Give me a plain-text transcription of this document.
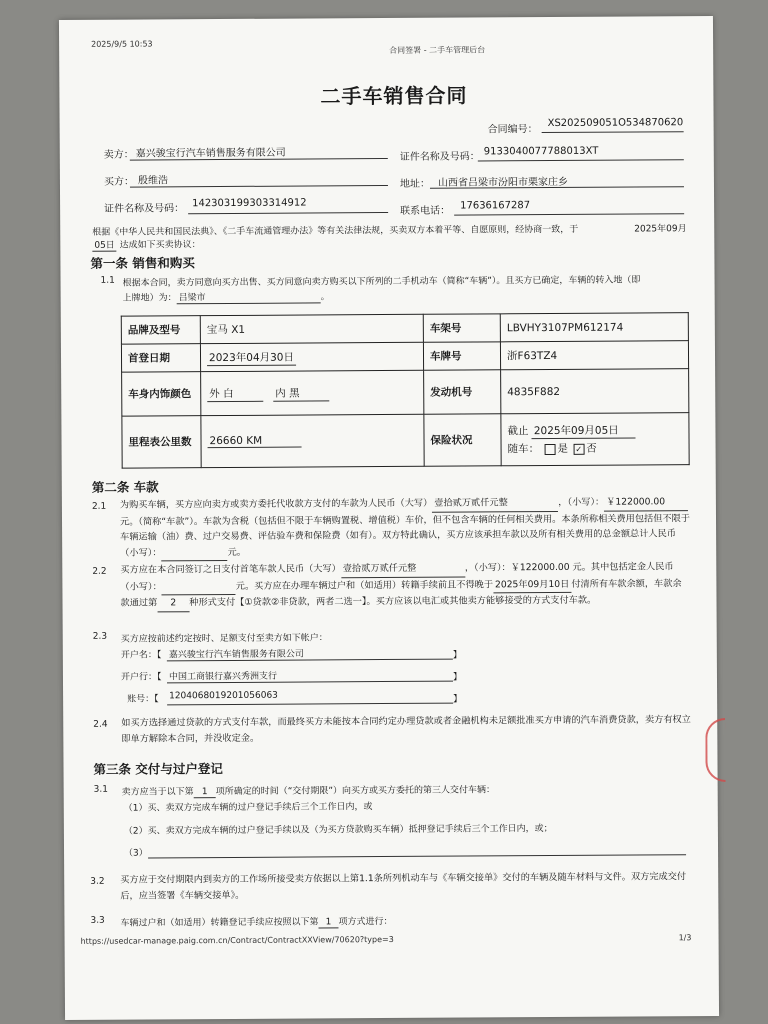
2025/9/5 10:53
合同签署 - 二手车管理后台
二手车销售合同
合同编号：
XS202509051O534870620
卖方： 嘉兴骏宝行汽车销售服务有限公司	证件名称及号码： 9133040077788013XT
买方： 殷维浩	地址： 山西省吕梁市汾阳市栗家庄乡
证件名称及号码： 142303199303314912
联系电话： 17636167287
根据《中华人民共和国民法典》、《二手车流通管理办法》等有关法律法规，买卖双方本着平等、自愿原则，经协商一致，于	2025年09月
05日 达成如下买卖协议：
第一条 销售和购买
1.1 根据本合同，卖方同意向买方出售、买方同意向卖方购买以下所列的二手机动车（简称“车辆”）。且买方已确定，车辆的转入地（即
上牌地）为： 吕梁市	。
品牌及型号	宝马 X1	车架号	LBVHY3107PM612174
首登日期	2023年04月30日	车牌号	浙F63TZ4
车身内饰颜色	外 白 内 黑	发动机号	4835F882
里程表公里数	26660 KM	保险状况	截止 2025年09月05日
随车： 是 ✓ 否
第二条 车款
2.1 为购买车辆，买方应向卖方或卖方委托代收款方支付的车款为人民币（大写） 壹拾贰万贰仟元整	，（小写）： ￥122000.00元。（简称“车款”）。车款为含税（包括但不限于车辆购置税、增值税）车价，但不包含车辆的任何相关费用。本条所称相关费用包括但不限于车辆运输（油）费、过户交易费、评估验车费和保险费（如有）。双方特此确认，买方应该承担车款以及所有相关费用的总金额总计人民币（小写）：	元。
2.2 买方应在本合同签订之日支付首笔车款人民币（大写） 壹拾贰万贰仟元整	，（小写）：￥122000.00 元。其中包括定金人民币（小写）：	元。买方应在办理车辆过户和（如适用）转籍手续前且不得晚于 2025年09月10日 付清所有车款余额，车款余款通过第 2 种形式支付【①贷款②非贷款，两者二选一】。买方应该以电汇或其他卖方能够接受的方式支付车款。
2.3 买方应按前述约定按时、足额支付至卖方如下帐户：
开户名：【 嘉兴骏宝行汽车销售服务有限公司	】
开户行：【 中国工商银行嘉兴秀洲支行	】
账号：【 1204068019201056063	】
2.4 如买方选择通过贷款的方式支付车款，而最终买方未能按本合同约定办理贷款或者金融机构未足额批准买方申请的汽车消费贷款，卖方有权立即单方解除本合同，并没收定金。
第三条 交付与过户登记
3.1 卖方应当于以下第 1 项所确定的时间（“交付期限”）向买方或买方委托的第三人交付车辆：
（1）买、卖双方完成车辆的过户登记手续后三个工作日内，或
（2）买、卖双方完成车辆的过户登记手续以及（为买方贷款购买车辆）抵押登记手续后三个工作日内，或；
（3）
3.2 买方应于交付期限内到卖方的工作场所接受卖方依据以上第1.1条所列机动车与《车辆交接单》交付的车辆及随车材料与文件。双方完成交付后，应当签署《车辆交接单》。
3.3 车辆过户和（如适用）转籍登记手续应按照以下第 1 项方式进行：
https://usedcar-manage.paig.com.cn/Contract/ContractXXView/70620?type=3	1/3
